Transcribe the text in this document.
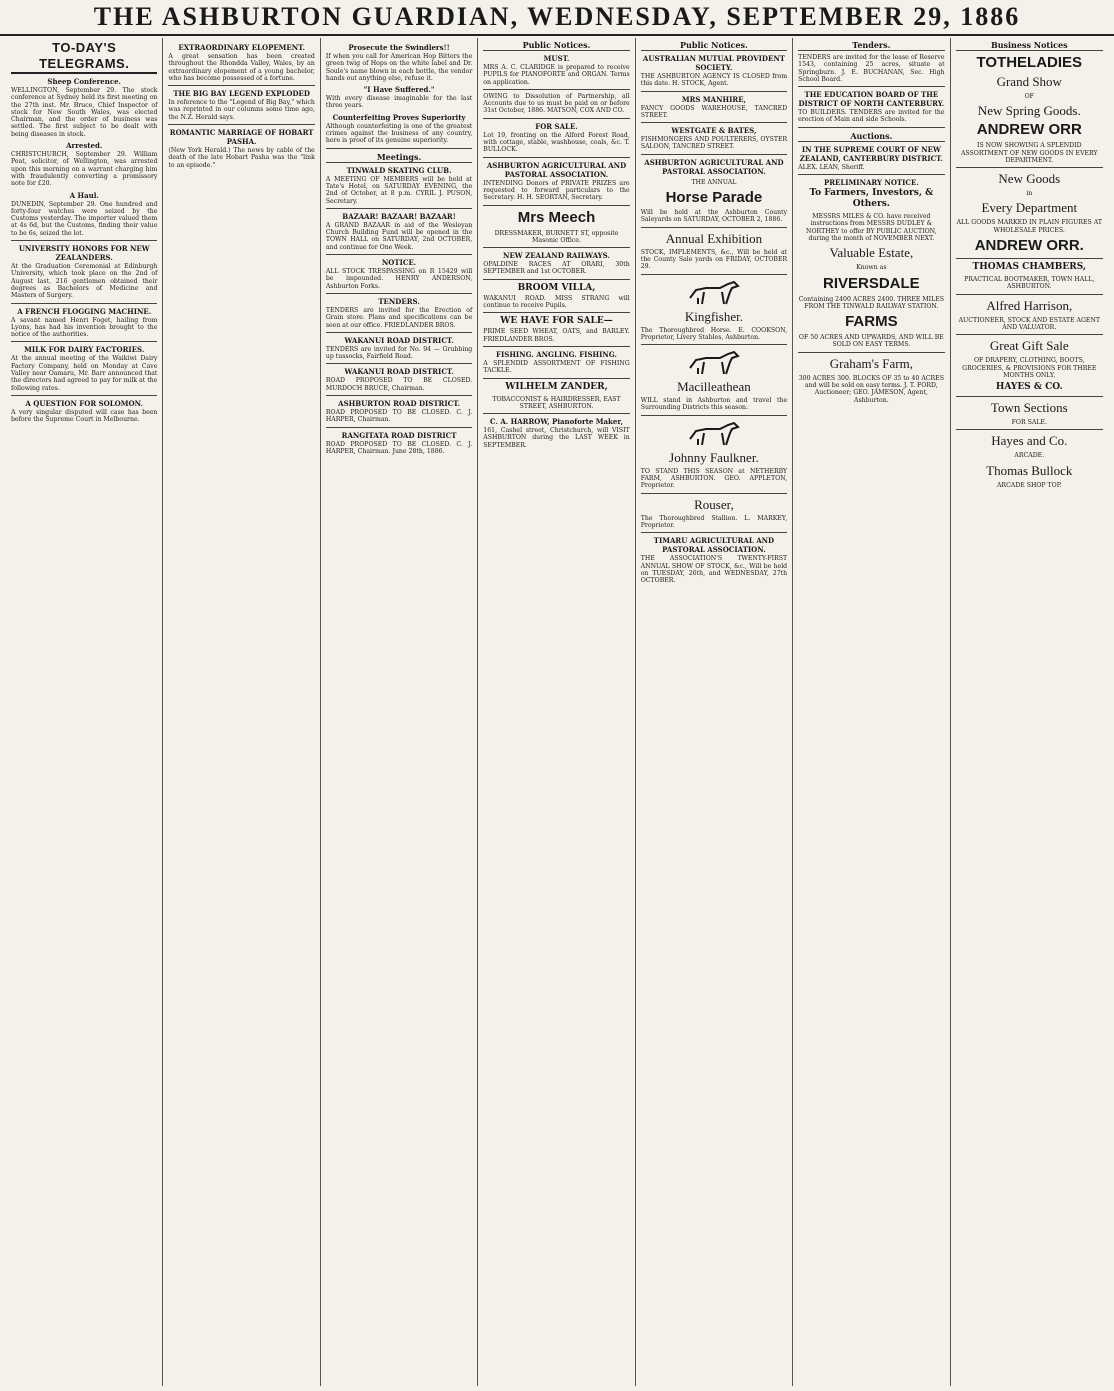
THE ASHBURTON GUARDIAN, WEDNESDAY, SEPTEMBER 29, 1886
TO-DAY'S TELEGRAMS.
Sheep Conference.
WELLINGTON, September 29. The stock conference at Sydney held its first meeting on the 27th inst. Mr. Bruce, Chief Inspector of stock for New South Wales, was elected Chairman, and the order of business was settled. The first subject to be dealt with being diseases in stock.
Arrested.
CHRISTCHURCH, September 29. William Peat, solicitor, of Wellington, was arrested upon this morning on a warrant charging him with fraudulently converting a promissory note for £20.
A Haul.
DUNEDIN, September 29. One hundred and forty-four watches were seized by the Customs yesterday. The importer valued them at 4s 6d, but the Customs, finding their value to be 6s, seized the lot.
UNIVERSITY HONORS FOR NEW ZEALANDERS.
At the Graduation Ceremonial at Edinburgh University, which took place on the 2nd of August last, 216 gentlemen obtained their degrees as Bachelors of Medicine and Masters of Surgery.
A FRENCH FLOGGING MACHINE.
A savant named Henri Foget, hailing from Lyons, has had his invention brought to the notice of the authorities.
MILK FOR DAIRY FACTORIES.
At the annual meeting of the Waikiwi Dairy Factory Company, held on Monday at Cave Valley near Oamaru, Mr. Barr announced that the directors had agreed to pay for milk at the following rates.
A QUESTION FOR SOLOMON.
A very singular disputed will case has been before the Supreme Court in Melbourne.
EXTRAORDINARY ELOPEMENT.
A great sensation has been created throughout the Rhondda Valley, Wales, by an extraordinary elopement of a young bachelor, who has become possessed of a fortune.
THE BIG BAY LEGEND EXPLODED
In reference to the "Legend of Big Bay," which was reprinted in our columns some time ago, the N.Z. Herald says.
ROMANTIC MARRIAGE OF HOBART PASHA.
(New York Herald.) The news by cable of the death of the late Hobart Pasha was the "link to an episode."
Prosecute the Swindlers!!
If when you call for American Hop Bitters the green twig of Hops on the white label and Dr. Soule's name blown in each bottle, the vendor hands out anything else, refuse it.
"I Have Suffered."
With every disease imaginable for the last three years.
Counterfeiting Proves Superiority
Although counterfeiting is one of the greatest crimes against the business of any country, here is proof of its genuine superiority.
Meetings.
TINWALD SKATING CLUB.
A MEETING OF MEMBERS will be held at Tate's Hotel, on SATURDAY EVENING, the 2nd of October, at 8 p.m. CYRIL J. PUSON, Secretary.
BAZAAR! BAZAAR! BAZAAR!
A GRAND BAZAAR in aid of the Wesleyan Church Building Fund will be opened in the TOWN HALL on SATURDAY, 2nd OCTOBER, and continue for One Week.
NOTICE.
ALL STOCK TRESPASSING on R 15429 will be impounded. HENRY ANDERSON, Ashburton Forks.
TENDERS.
TENDERS are invited for the Erection of Grain store. Plans and specifications can be seen at our office. FRIEDLANDER BROS.
WAKANUI ROAD DISTRICT.
TENDERS are invited for No. 94 — Grubbing up tussocks, Fairfield Road.
WAKANUI ROAD DISTRICT.
ROAD PROPOSED TO BE CLOSED. MURDOCH BRUCE, Chairman.
ASHBURTON ROAD DISTRICT.
ROAD PROPOSED TO BE CLOSED. C. J. HARPER, Chairman.
RANGITATA ROAD DISTRICT
ROAD PROPOSED TO BE CLOSED. C. J. HARPER, Chairman. June 28th, 1886.
Public Notices.
MUST.
MRS A. C. CLARIDGE is prepared to receive PUPILS for PIANOFORTE and ORGAN. Terms on application.
OWING to Dissolution of Partnership, all Accounts due to us must be paid on or before 31st October, 1886. MATSON, COX AND CO.
FOR SALE.
Lot 19, fronting on the Alford Forest Road, with cottage, stable, washhouse, coals, &c. T. BULLOCK.
ASHBURTON AGRICULTURAL AND PASTORAL ASSOCIATION.
INTENDING Donors of PRIVATE PRIZES are requested to forward particulars to the Secretary. H. H. SEORTAN, Secretary.
Mrs Meech
DRESSMAKER, BURNETT ST, opposite Masonic Office.
NEW ZEALAND RAILWAYS.
OPALDINE RACES AT ORARI, 30th SEPTEMBER and 1st OCTOBER.
BROOM VILLA,
WAKANUI ROAD. MISS STRANG will continue to receive Pupils.
WE HAVE FOR SALE—
PRIME SEED WHEAT, OATS, and BARLEY. FRIEDLANDER BROS.
FISHING. ANGLING. FISHING.
A SPLENDID ASSORTMENT OF FISHING TACKLE.
WILHELM ZANDER,
TOBACCONIST & HAIRDRESSER, EAST STREET, ASHBURTON.
C. A. HARROW, Pianoforte Maker,
161, Cashel street, Christchurch, will VISIT ASHBURTON during the LAST WEEK in SEPTEMBER.
Public Notices.
AUSTRALIAN MUTUAL PROVIDENT SOCIETY.
THE ASHBURTON AGENCY IS CLOSED from this date. H. STOCK, Agent.
MRS MANHIRE,
FANCY GOODS WAREHOUSE, TANCRED STREET.
WESTGATE & BATES,
FISHMONGERS AND POULTERERS, OYSTER SALOON, TANCRED STREET.
ASHBURTON AGRICULTURAL AND PASTORAL ASSOCIATION.
THE ANNUAL
Horse Parade
Will be held at the Ashburton County Saleyards on SATURDAY, OCTOBER 2, 1886.
Annual Exhibition
STOCK, IMPLEMENTS, &c., Will be held at the County Sale yards on FRIDAY, OCTOBER 29.
Kingfisher.
The Thoroughbred Horse. E. COOKSON, Proprietor, Livery Stables, Ashburton.
Macilleathean
WILL stand in Ashburton and travel the Surrounding Districts this season.
Johnny Faulkner.
TO STAND THIS SEASON at NETHERBY FARM, ASHBURTON. GEO. APPLETON, Proprietor.
Rouser,
The Thoroughbred Stallion. L. MARKEY, Proprietor.
TIMARU AGRICULTURAL AND PASTORAL ASSOCIATION.
THE ASSOCIATION'S TWENTY-FIRST ANNUAL SHOW OF STOCK, &c., Will be held on TUESDAY, 26th, and WEDNESDAY, 27th OCTOBER.
Tenders.
TENDERS are invited for the lease of Reserve 1543, containing 25 acres, situate at Springburn. J. E. BUCHANAN, Sec. High School Board.
THE EDUCATION BOARD OF THE DISTRICT OF NORTH CANTERBURY.
TO BUILDERS. TENDERS are invited for the erection of Main and side Schools.
Auctions.
IN THE SUPREME COURT OF NEW ZEALAND, CANTERBURY DISTRICT.
ALEX. LEAN, Sheriff.
PRELIMINARY NOTICE.
To Farmers, Investors, & Others.
MESSRS MILES & CO. have received instructions from MESSRS DUDLEY & NORTHEY to offer BY PUBLIC AUCTION, during the month of NOVEMBER NEXT.
Valuable Estate,
Known as
RIVERSDALE
Containing 2400 ACRES 2400. THREE MILES FROM THE TINWALD RAILWAY STATION.
FARMS
OF 50 ACRES AND UPWARDS, AND WILL BE SOLD ON EASY TERMS.
Graham's Farm,
300 ACRES 300. BLOCKS OF 35 to 40 ACRES and will be sold on easy terms. J. T. FORD, Auctioneer; GEO. JAMESON, Agent, Ashburton.
Business Notices
TOTHELADIES
Grand Show
OF
New Spring Goods.
ANDREW ORR
IS NOW SHOWING A SPLENDID ASSORTMENT OF NEW GOODS IN EVERY DEPARTMENT.
New Goods
in
Every Department
ALL GOODS MARKED IN PLAIN FIGURES AT WHOLESALE PRICES.
ANDREW ORR.
THOMAS CHAMBERS,
PRACTICAL BOOTMAKER, TOWN HALL, ASHBURTON.
Alfred Harrison,
AUCTIONEER, STOCK AND ESTATE AGENT AND VALUATOR.
Great Gift Sale
OF DRAPERY, CLOTHING, BOOTS, GROCERIES, & PROVISIONS FOR THREE MONTHS ONLY.
HAYES & CO.
Town Sections
FOR SALE.
Hayes and Co.
ARCADE.
Thomas Bullock
ARCADE SHOP TOP.
